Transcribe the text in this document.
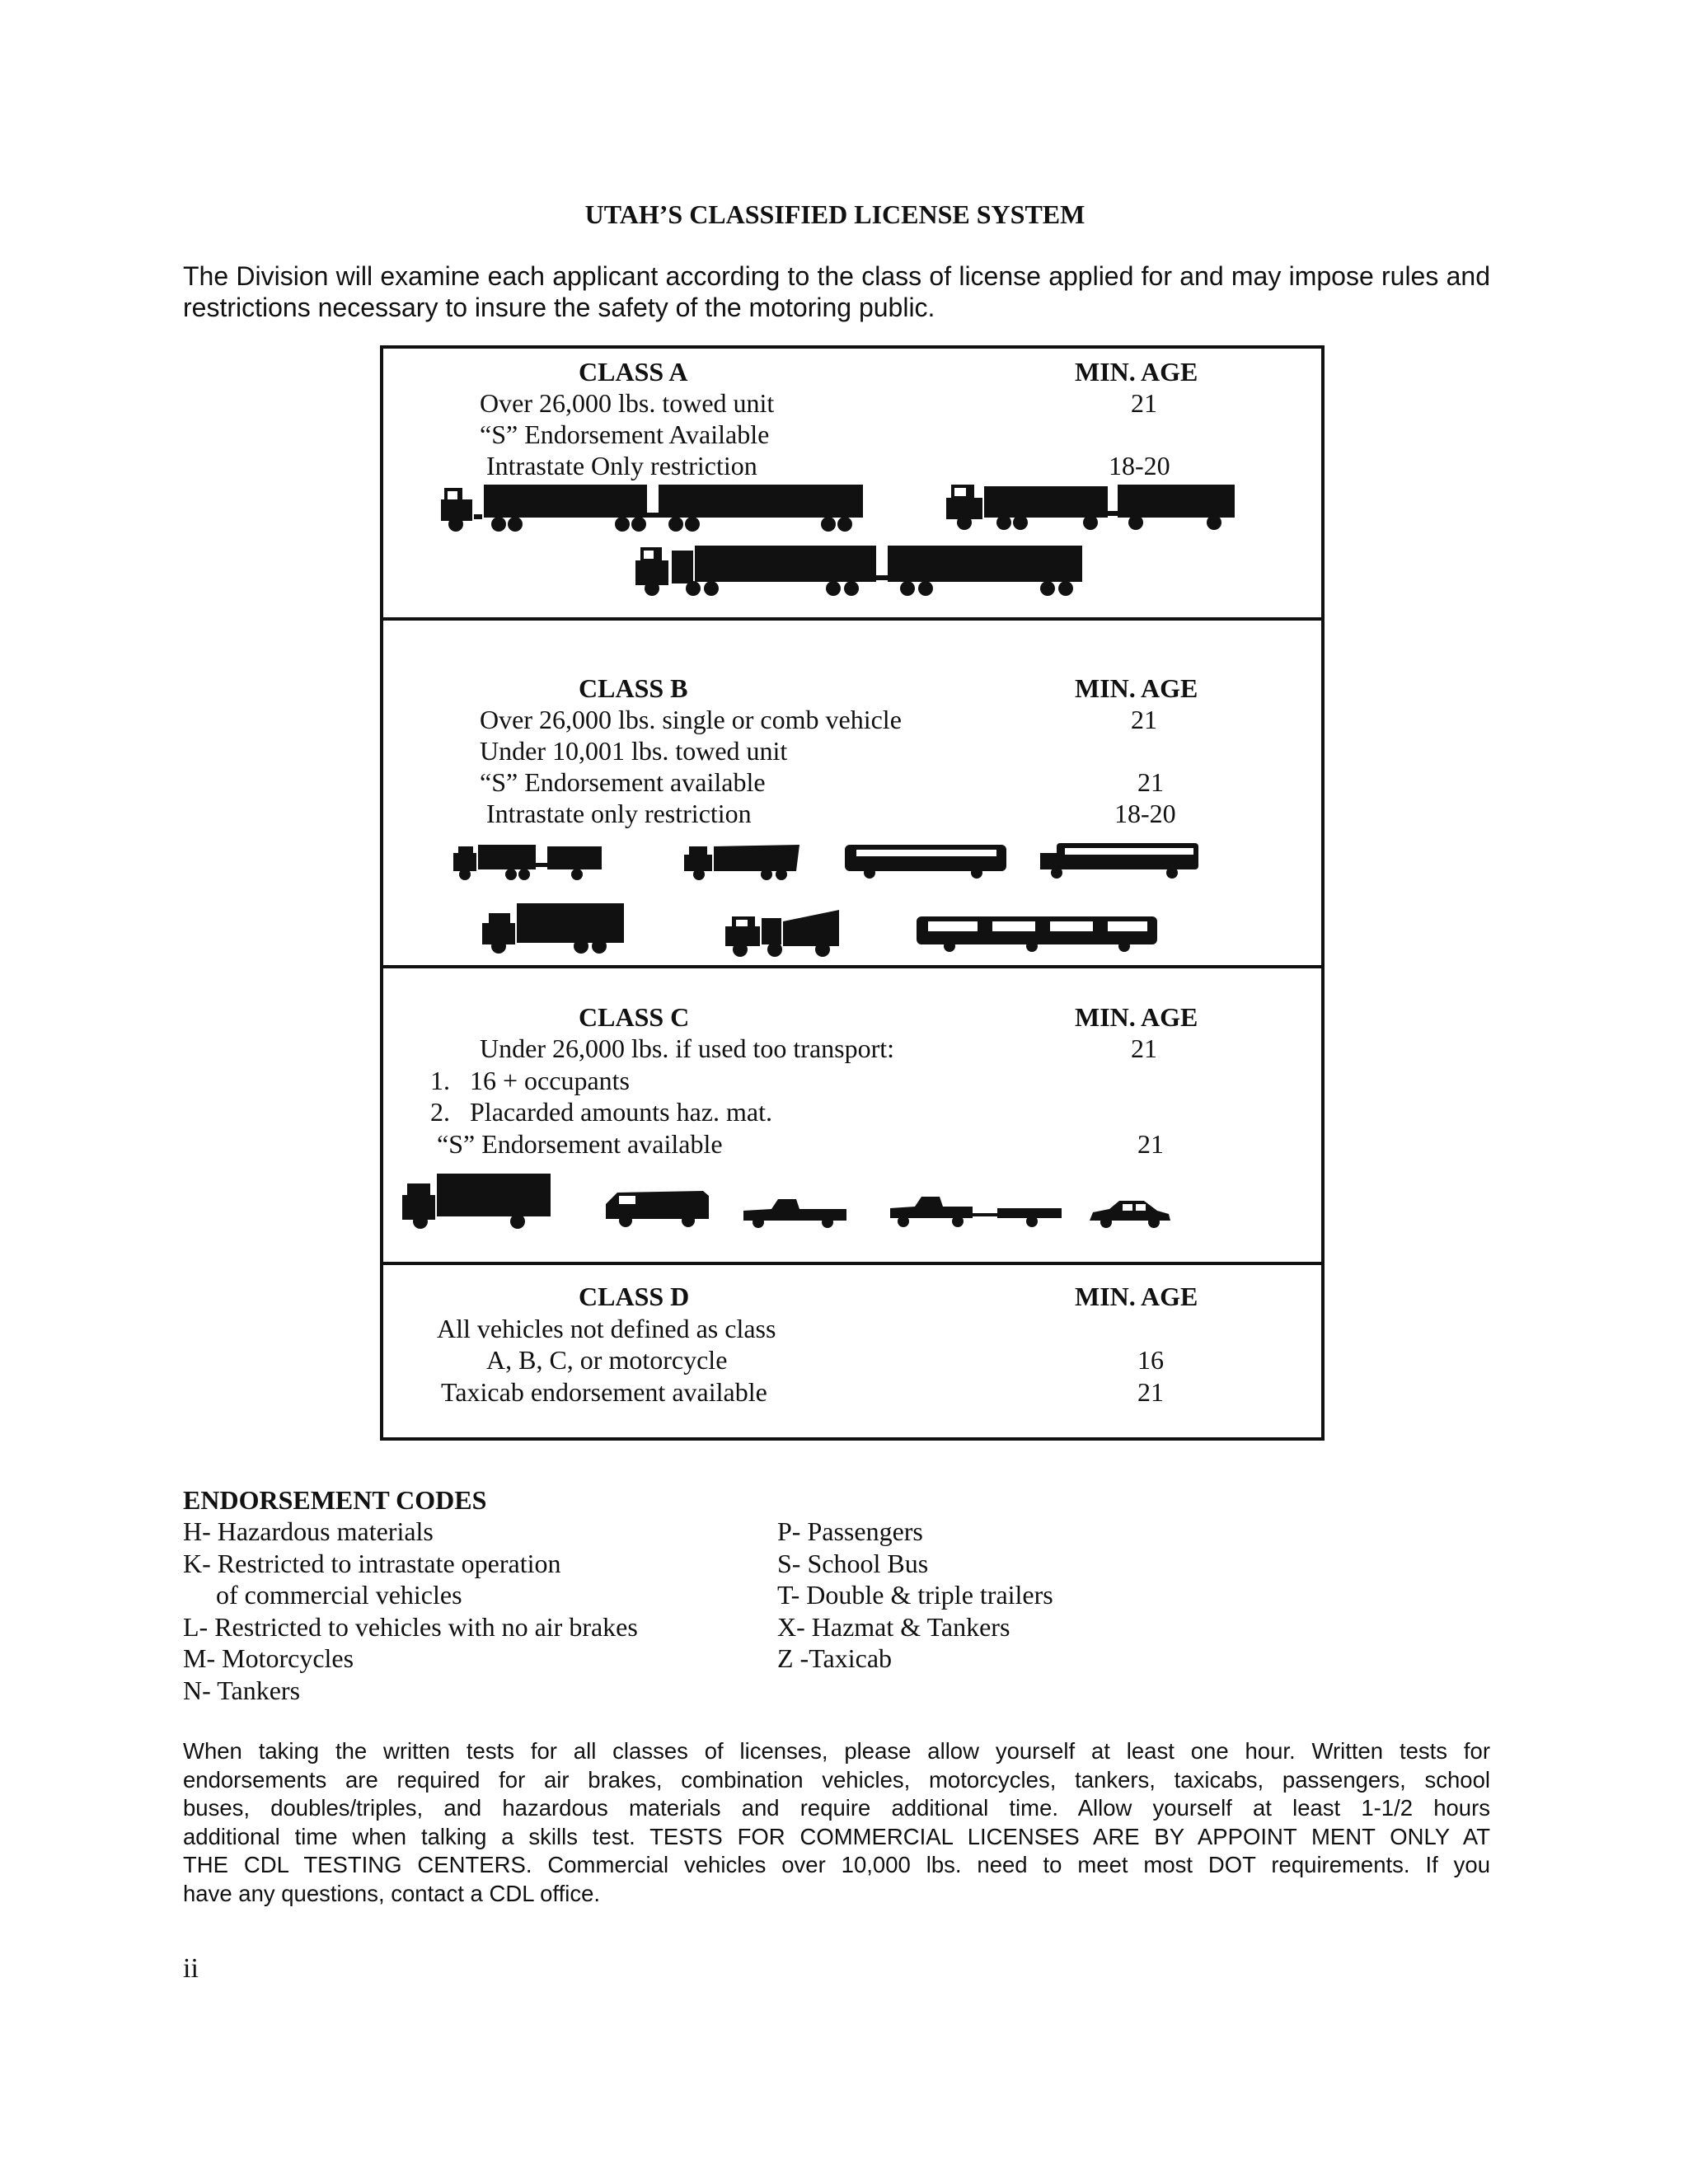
UTAH’S CLASSIFIED LICENSE SYSTEM
The Division will examine each applicant according to the class of license applied for and may impose rules and restrictions necessary to insure the safety of the motoring public.
CLASS A	MIN. AGE
Over 26,000 lbs. towed unit	21
“S” Endorsement Available
Intrastate Only restriction	18-20
CLASS B	MIN. AGE
Over 26,000 lbs. single or comb vehicle	21
Under 10,001 lbs. towed unit
“S” Endorsement available	21
Intrastate only restriction	18-20
CLASS C	MIN. AGE
Under 26,000 lbs. if used too transport:	21
1.   16 + occupants
2.   Placarded amounts haz. mat.
“S” Endorsement available	21
CLASS D	MIN. AGE
All vehicles not defined as class
A, B, C, or motorcycle	16
Taxicab endorsement available	21
ENDORSEMENT CODES
H- Hazardous materials
K- Restricted to intrastate operation
of commercial vehicles
L- Restricted to vehicles with no air brakes
M- Motorcycles
N- Tankers
P- Passengers
S- School Bus
T- Double & triple trailers
X- Hazmat & Tankers
Z -Taxicab
When taking the written tests for all classes of licenses, please allow yourself at least one hour. Written tests for
endorsements are required for air brakes, combination vehicles, motorcycles, tankers, taxicabs, passengers, school
buses, doubles/triples, and hazardous materials and require additional time. Allow yourself at least 1-1/2 hours
additional time when talking a skills test. TESTS FOR COMMERCIAL LICENSES ARE BY APPOINT MENT ONLY AT
THE CDL TESTING CENTERS. Commercial vehicles over 10,000 lbs. need to meet most DOT requirements. If you
have any questions, contact a CDL office.
ii
